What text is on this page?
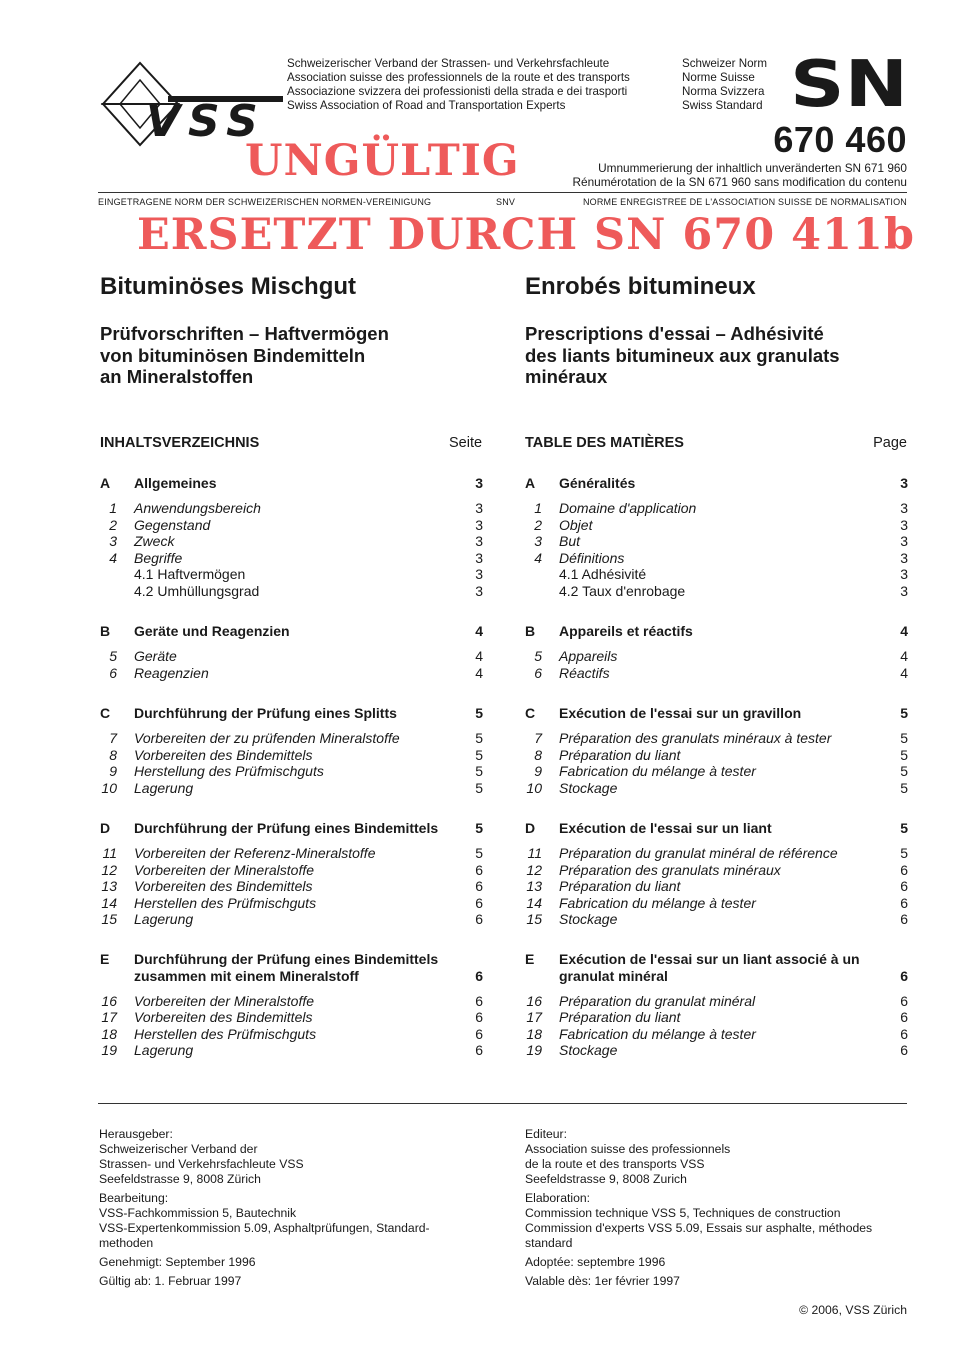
VSS
Schweizerischer Verband der Strassen- und Verkehrsfachleute
Association suisse des professionnels de la route et des transports
Associazione svizzera dei professionisti della strada e dei trasporti
Swiss Association of Road and Transportation Experts
Schweizer Norm
Norme Suisse
Norma Svizzera
Swiss Standard SN
670 460
Umnummerierung der inhaltlich unveränderten SN 671 960
Rénumérotation de la SN 671 960 sans modification du contenu
UNGÜLTIG
EINGETRAGENE NORM DER SCHWEIZERISCHEN NORMEN-VEREINIGUNG	SNV	NORME ENREGISTREE DE L'ASSOCIATION SUISSE DE NORMALISATION
ERSETZT DURCH SN 670 411b
Bituminöses Mischgut	Enrobés bitumineux
Prüfvorschriften – Haftvermögen
von bituminösen Bindemitteln
an Mineralstoffen
Prescriptions d'essai – Adhésivité
des liants bitumineux aux granulats
minéraux
INHALTSVERZEICHNIS	Seite	TABLE DES MATIÈRES	Page
A	Allgemeines	3
1 Anwendungsbereich	3
2 Gegenstand	3
3 Zweck	3
4 Begriffe	3
4.1 Haftvermögen	3
4.2 Umhüllungsgrad	3
B	Geräte und Reagenzien	4
5 Geräte	4
6 Reagenzien	4
C	Durchführung der Prüfung eines Splitts	5
7 Vorbereiten der zu prüfenden Mineralstoffe	5
8 Vorbereiten des Bindemittels	5
9 Herstellung des Prüfmischguts	5
10 Lagerung	5
D	Durchführung der Prüfung eines Bindemittels	5
11 Vorbereiten der Referenz-Mineralstoffe	5
12 Vorbereiten der Mineralstoffe	6
13 Vorbereiten des Bindemittels	6
14 Herstellen des Prüfmischguts	6
15 Lagerung	6
E	Durchführung der Prüfung eines Bindemittels zusammen mit einem Mineralstoff	6
16 Vorbereiten der Mineralstoffe	6
17 Vorbereiten des Bindemittels	6
18 Herstellen des Prüfmischguts	6
19 Lagerung	6
A	Généralités	3
1 Domaine d'application	3
2 Objet	3
3 But	3
4 Définitions	3
4.1 Adhésivité	3
4.2 Taux d'enrobage	3
B	Appareils et réactifs	4
5 Appareils	4
6 Réactifs	4
C	Exécution de l'essai sur un gravillon	5
7 Préparation des granulats minéraux à tester	5
8 Préparation du liant	5
9 Fabrication du mélange à tester	5
10 Stockage	5
D	Exécution de l'essai sur un liant	5
11 Préparation du granulat minéral de référence	5
12 Préparation des granulats minéraux	6
13 Préparation du liant	6
14 Fabrication du mélange à tester	6
15 Stockage	6
E	Exécution de l'essai sur un liant associé à un granulat minéral	6
16 Préparation du granulat minéral	6
17 Préparation du liant	6
18 Fabrication du mélange à tester	6
19 Stockage	6

Herausgeber:
Schweizerischer Verband der
Strassen- und Verkehrsfachleute VSS
Seefeldstrasse 9, 8008 Zürich

Bearbeitung:
VSS-Fachkommission 5, Bautechnik
VSS-Expertenkommission 5.09, Asphaltprüfungen, Standard-
methoden

Genehmigt: September 1996

Gültig ab: 1. Februar 1997

Editeur:
Association suisse des professionnels
de la route et des transports VSS
Seefeldstrasse 9, 8008 Zurich

Elaboration:
Commission technique VSS 5, Techniques de construction
Commission d'experts VSS 5.09, Essais sur asphalte, méthodes
standard

Adoptée: septembre 1996

Valable dès: 1er février 1997

© 2006, VSS Zürich
